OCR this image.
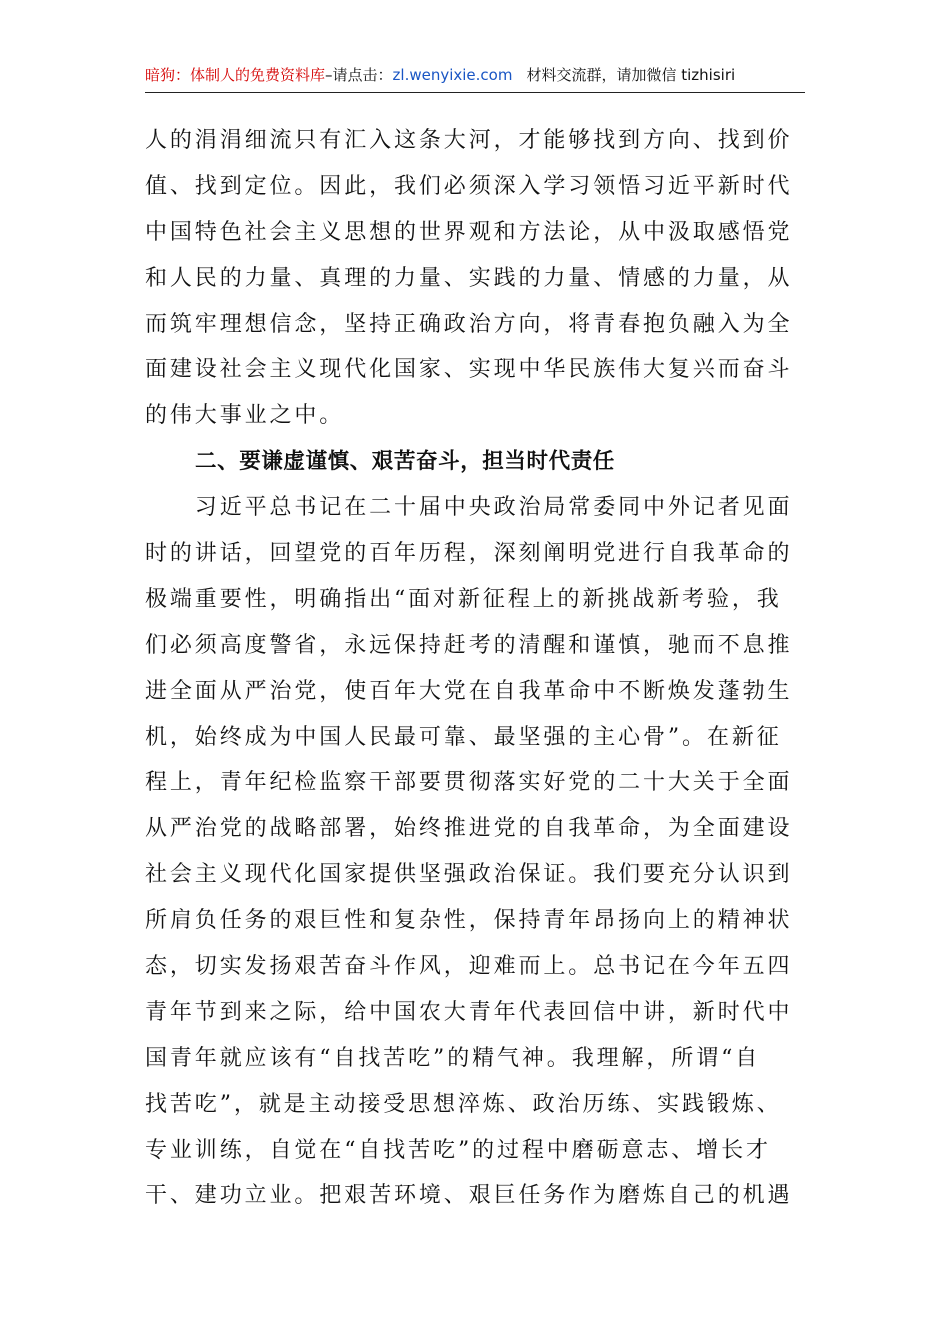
暗狗：体制人的免费资料库–请点击：zl.wenyixie.com 材料交流群，请加微信 tizhisiri
人的涓涓细流只有汇入这条大河，才能够找到方向、找到价
值、找到定位。因此，我们必须深入学习领悟习近平新时代
中国特色社会主义思想的世界观和方法论，从中汲取感悟党
和人民的力量、真理的力量、实践的力量、情感的力量，从
而筑牢理想信念，坚持正确政治方向，将青春抱负融入为全
面建设社会主义现代化国家、实现中华民族伟大复兴而奋斗
的伟大事业之中。
二、要谦虚谨慎、艰苦奋斗，担当时代责任
　　习近平总书记在二十届中央政治局常委同中外记者见面
时的讲话，回望党的百年历程，深刻阐明党进行自我革命的
极端重要性，明确指出“面对新征程上的新挑战新考验，我
们必须高度警省，永远保持赶考的清醒和谨慎，驰而不息推
进全面从严治党，使百年大党在自我革命中不断焕发蓬勃生
机，始终成为中国人民最可靠、最坚强的主心骨”。在新征
程上，青年纪检监察干部要贯彻落实好党的二十大关于全面
从严治党的战略部署，始终推进党的自我革命，为全面建设
社会主义现代化国家提供坚强政治保证。我们要充分认识到
所肩负任务的艰巨性和复杂性，保持青年昂扬向上的精神状
态，切实发扬艰苦奋斗作风，迎难而上。总书记在今年五四
青年节到来之际，给中国农大青年代表回信中讲，新时代中
国青年就应该有“自找苦吃”的精气神。我理解，所谓“自
找苦吃”，就是主动接受思想淬炼、政治历练、实践锻炼、
专业训练，自觉在“自找苦吃”的过程中磨砺意志、增长才
干、建功立业。把艰苦环境、艰巨任务作为磨炼自己的机遇
